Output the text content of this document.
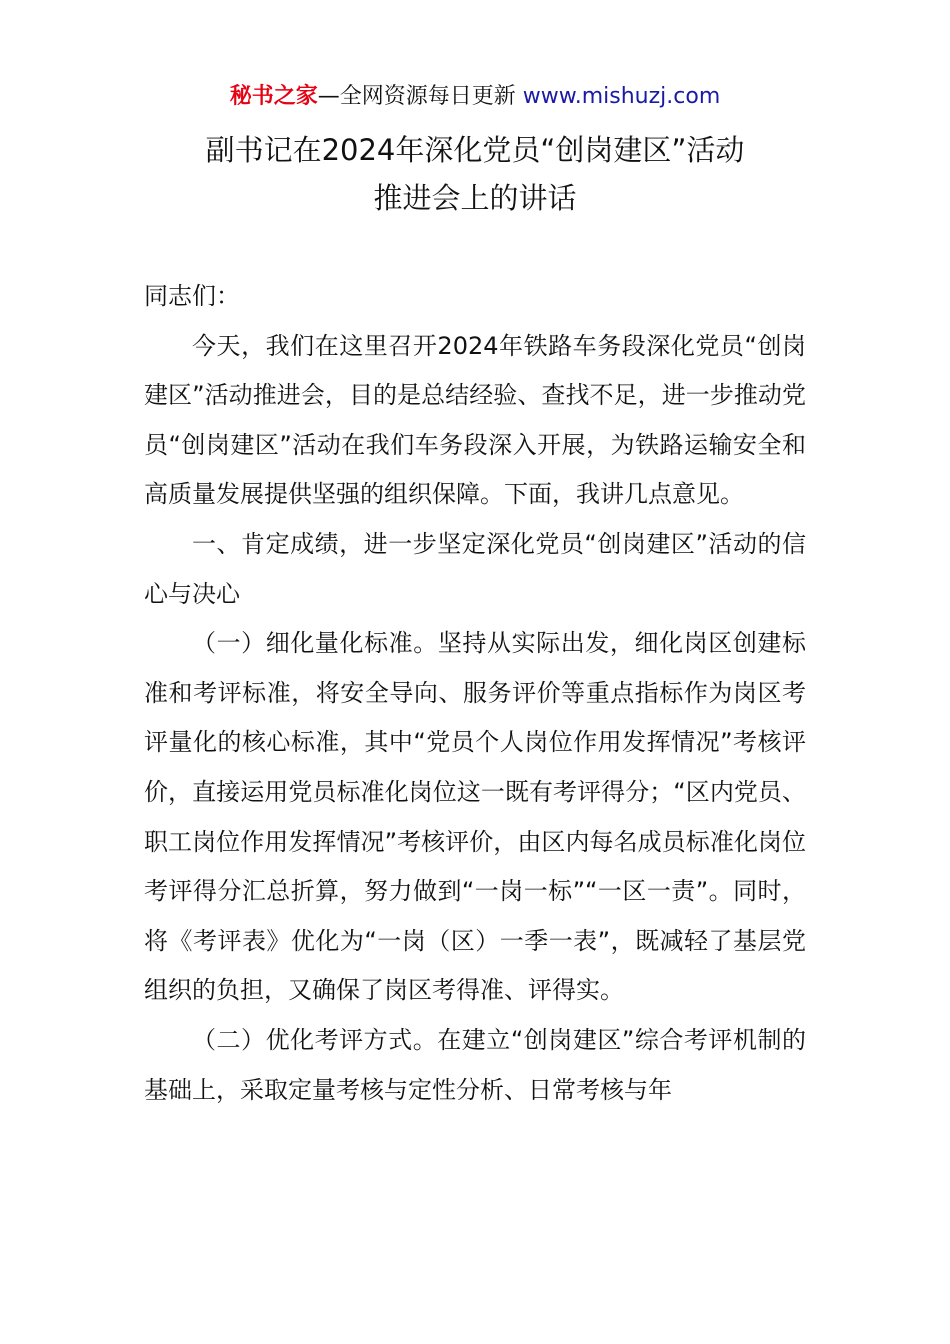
秘书之家—全网资源每日更新 www.mishuzj.com
副书记在2024年深化党员“创岗建区”活动
推进会上的讲话

同志们：

今天，我们在这里召开2024年铁路车务段深化党员“创岗建区”活动推进会，目的是总结经验、查找不足，进一步推动党员“创岗建区”活动在我们车务段深入开展，为铁路运输安全和高质量发展提供坚强的组织保障。下面，我讲几点意见。

一、肯定成绩，进一步坚定深化党员“创岗建区”活动的信心与决心

（一）细化量化标准。坚持从实际出发，细化岗区创建标准和考评标准，将安全导向、服务评价等重点指标作为岗区考评量化的核心标准，其中“党员个人岗位作用发挥情况”考核评价，直接运用党员标准化岗位这一既有考评得分；“区内党员、职工岗位作用发挥情况”考核评价，由区内每名成员标准化岗位考评得分汇总折算，努力做到“一岗一标”“一区一责”。同时，将《考评表》优化为“一岗（区）一季一表”，既减轻了基层党组织的负担，又确保了岗区考得准、评得实。

（二）优化考评方式。在建立“创岗建区”综合考评机制的基础上，采取定量考核与定性分析、日常考核与年
